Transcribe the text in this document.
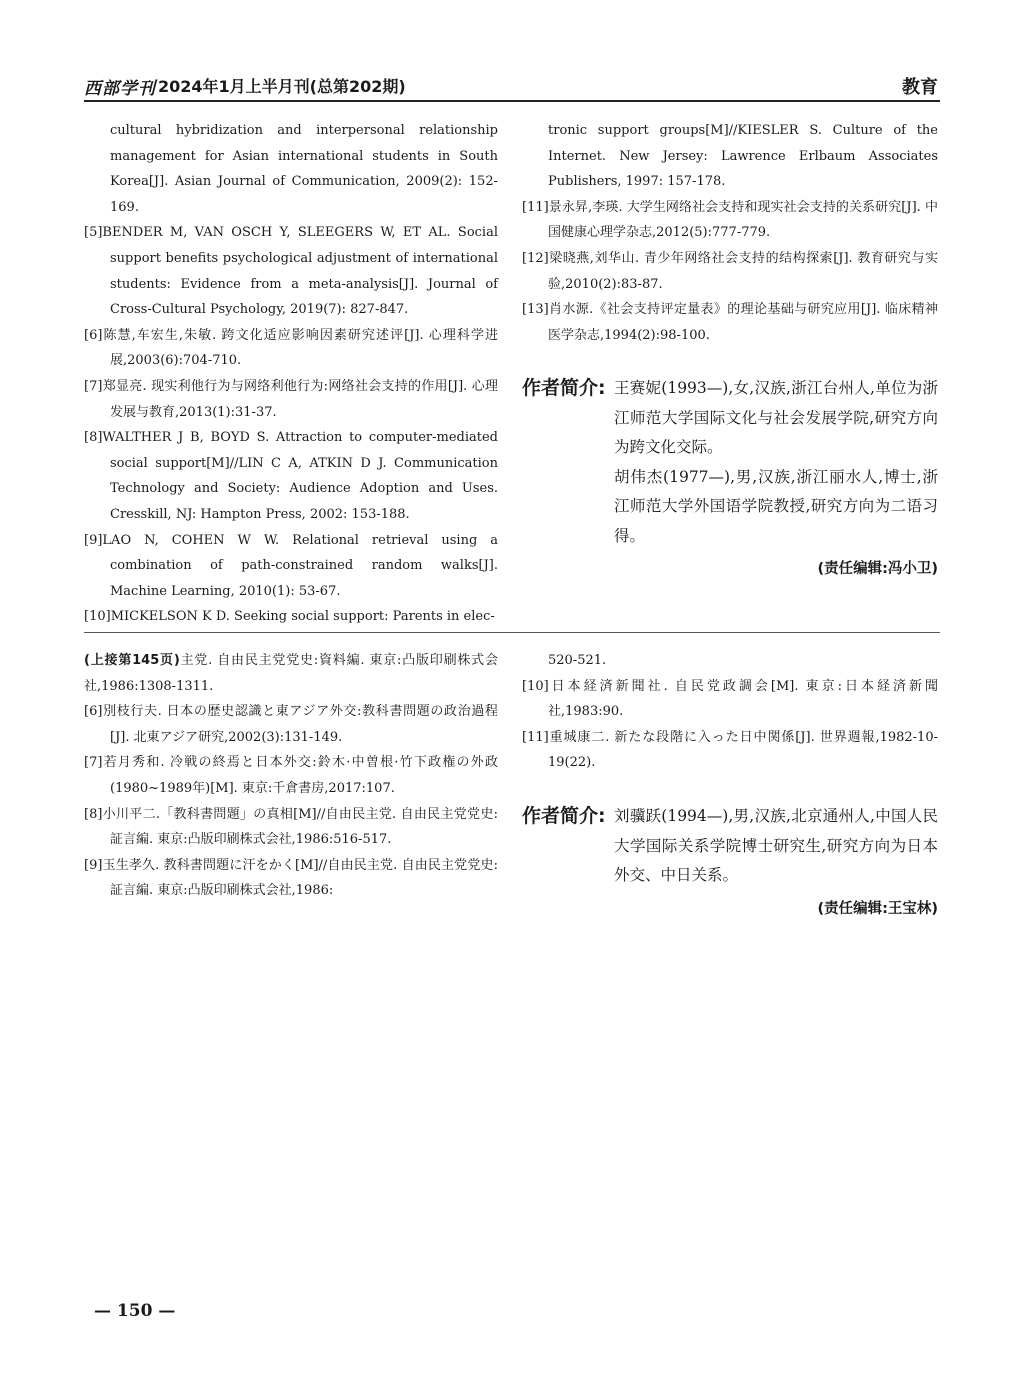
西部学刊 2024年1月上半月刊(总第202期)	教育

cultural hybridization and interpersonal relationship management for Asian international students in South Korea[J]. Asian Journal of Communication, 2009(2): 152-169.

[5]BENDER M, VAN OSCH Y, SLEEGERS W, ET AL. Social support benefits psychological adjustment of international students: Evidence from a meta-analysis[J]. Journal of Cross-Cultural Psychology, 2019(7): 827-847.

[6]陈慧,车宏生,朱敏. 跨文化适应影响因素研究述评[J]. 心理科学进展,2003(6):704-710.

[7]郑显亮. 现实利他行为与网络利他行为:网络社会支持的作用[J]. 心理发展与教育,2013(1):31-37.

[8]WALTHER J B, BOYD S. Attraction to computer-mediated social support[M]//LIN C A, ATKIN D J. Communication Technology and Society: Audience Adoption and Uses. Cresskill, NJ: Hampton Press, 2002: 153-188.

[9]LAO N, COHEN W W. Relational retrieval using a combination of path-constrained random walks[J]. Machine Learning, 2010(1): 53-67.

[10]MICKELSON K D. Seeking social support: Parents in elec-

tronic support groups[M]//KIESLER S. Culture of the Internet. New Jersey: Lawrence Erlbaum Associates Publishers, 1997: 157-178.

[11]景永昇,李瑛. 大学生网络社会支持和现实社会支持的关系研究[J]. 中国健康心理学杂志,2012(5):777-779.

[12]梁晓燕,刘华山. 青少年网络社会支持的结构探索[J]. 教育研究与实验,2010(2):83-87.

[13]肖水源.《社会支持评定量表》的理论基础与研究应用[J]. 临床精神医学杂志,1994(2):98-100.

作者简介: 王赛妮(1993—),女,汉族,浙江台州人,单位为浙江师范大学国际文化与社会发展学院,研究方向为跨文化交际。

胡伟杰(1977—),男,汉族,浙江丽水人,博士,浙江师范大学外国语学院教授,研究方向为二语习得。

(责任编辑:冯小卫)

(上接第145页)主党. 自由民主党党史:資料編. 東京:凸版印刷株式会社,1986:1308-1311.

[6]別枝行夫. 日本の歴史認識と東アジア外交:教科書問題の政治過程[J]. 北東アジア研究,2002(3):131-149.

[7]若月秀和. 冷戦の終焉と日本外交:鈴木·中曽根·竹下政権の外政(1980~1989年)[M]. 東京:千倉書房,2017:107.

[8]小川平二.「教科書問題」の真相[M]//自由民主党. 自由民主党党史:証言編. 東京:凸版印刷株式会社,1986:516-517.

[9]玉生孝久. 教科書問題に汗をかく[M]//自由民主党. 自由民主党党史:証言編. 東京:凸版印刷株式会社,1986:

520-521.

[10]日本経済新聞社. 自民党政調会[M]. 東京:日本経済新聞社,1983:90.

[11]重城康二. 新たな段階に入った日中関係[J]. 世界週報,1982-10-19(22).

作者简介: 刘骥跃(1994—),男,汉族,北京通州人,中国人民大学国际关系学院博士研究生,研究方向为日本外交、中日关系。

(责任编辑:王宝林)
— 150 —
